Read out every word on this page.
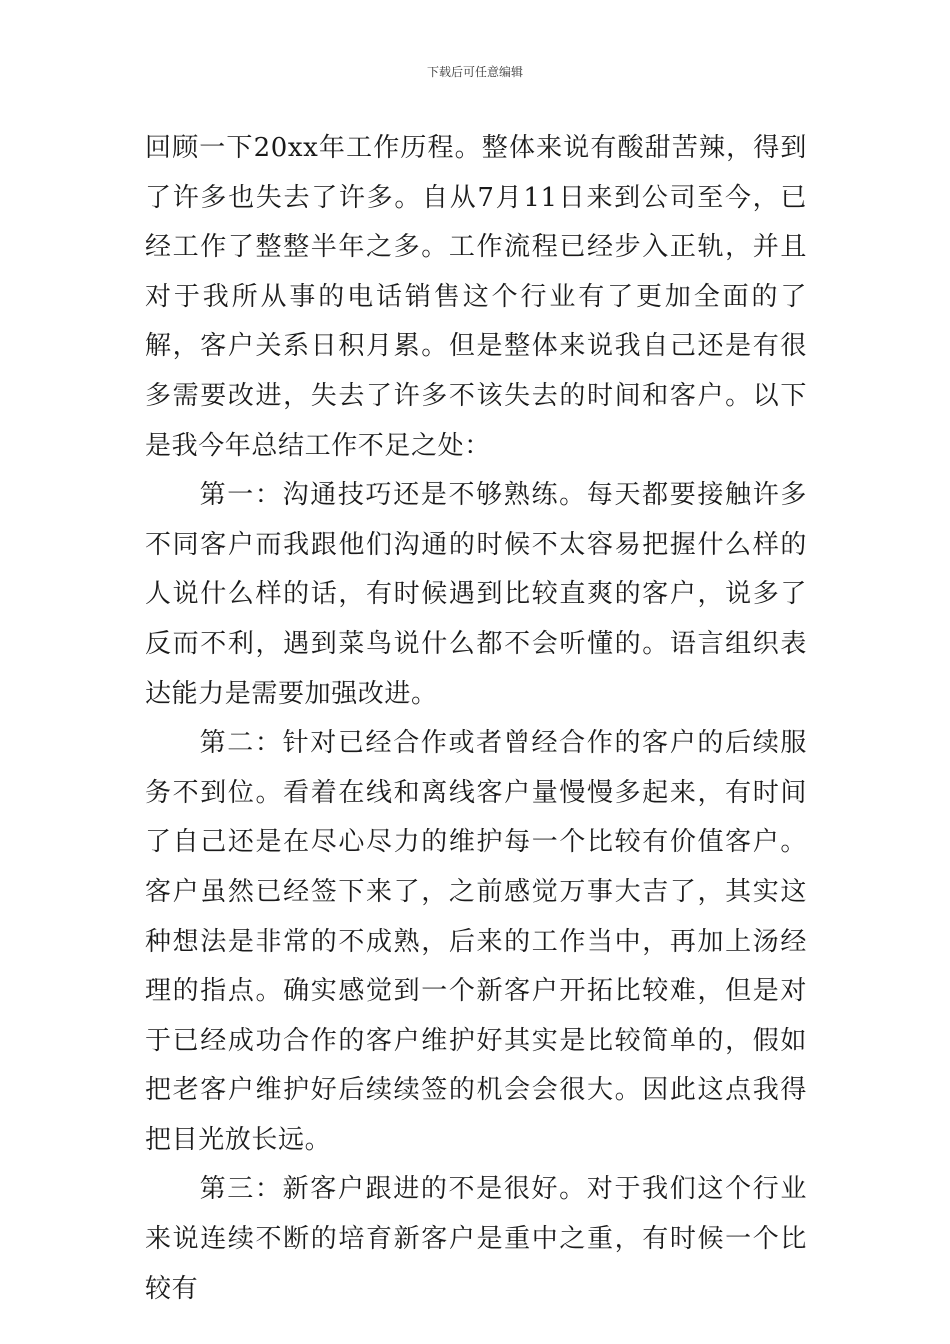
下载后可任意编辑

回顾一下20xx年工作历程。整体来说有酸甜苦辣，得到了许多也失去了许多。自从7月11日来到公司至今，已经工作了整整半年之多。工作流程已经步入正轨，并且对于我所从事的电话销售这个行业有了更加全面的了解，客户关系日积月累。但是整体来说我自己还是有很多需要改进，失去了许多不该失去的时间和客户。以下是我今年总结工作不足之处：

第一：沟通技巧还是不够熟练。每天都要接触许多不同客户而我跟他们沟通的时候不太容易把握什么样的人说什么样的话，有时候遇到比较直爽的客户，说多了反而不利，遇到菜鸟说什么都不会听懂的。语言组织表达能力是需要加强改进。

第二：针对已经合作或者曾经合作的客户的后续服务不到位。看着在线和离线客户量慢慢多起来，有时间了自己还是在尽心尽力的维护每一个比较有价值客户。客户虽然已经签下来了，之前感觉万事大吉了，其实这种想法是非常的不成熟，后来的工作当中，再加上汤经理的指点。确实感觉到一个新客户开拓比较难，但是对于已经成功合作的客户维护好其实是比较简单的，假如把老客户维护好后续续签的机会会很大。因此这点我得把目光放长远。

第三：新客户跟进的不是很好。对于我们这个行业来说连续不断的培育新客户是重中之重，有时候一个比较有
